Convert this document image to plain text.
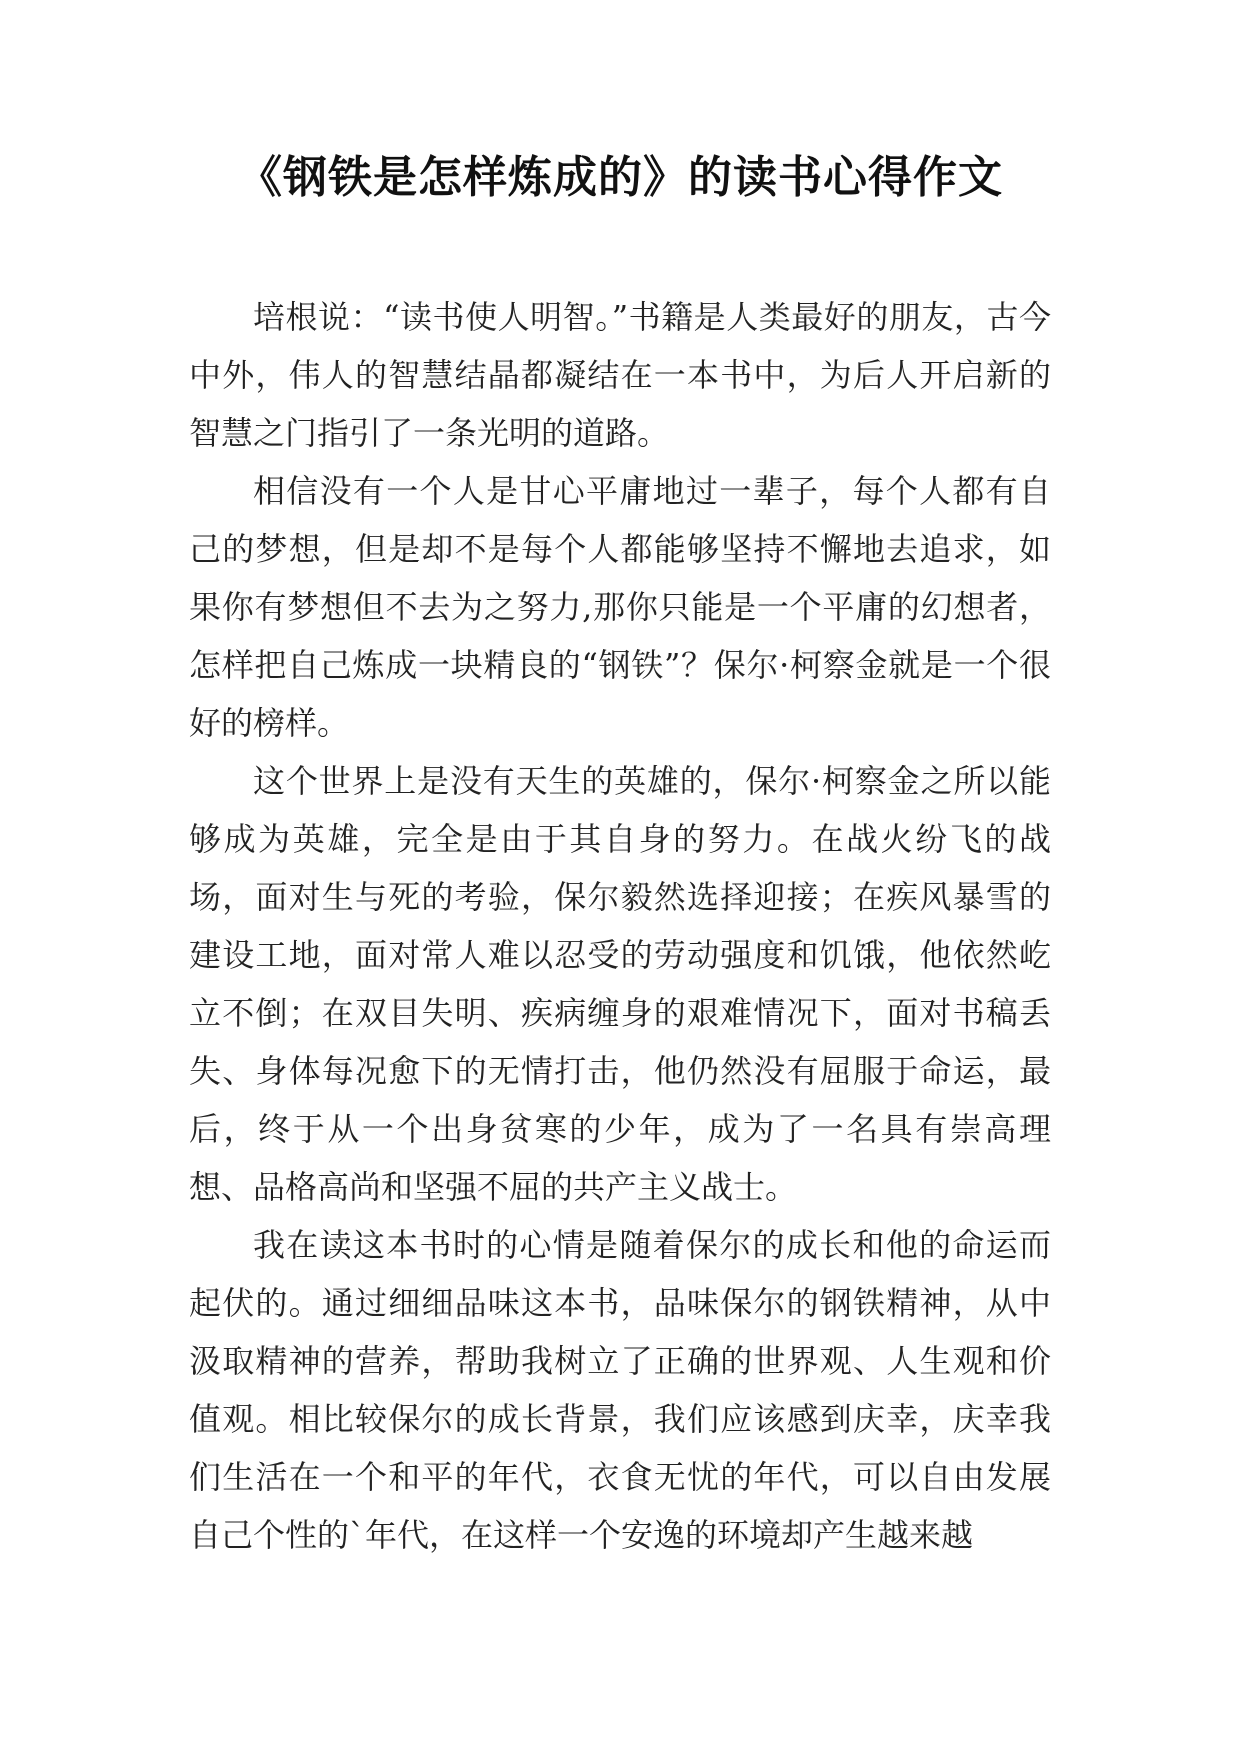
《钢铁是怎样炼成的》的读书心得作文

培根说：“读书使人明智。”书籍是人类最好的朋友，古今中外，伟人的智慧结晶都凝结在一本书中，为后人开启新的智慧之门指引了一条光明的道路。

相信没有一个人是甘心平庸地过一辈子，每个人都有自己的梦想，但是却不是每个人都能够坚持不懈地去追求，如果你有梦想但不去为之努力,那你只能是一个平庸的幻想者，怎样把自己炼成一块精良的“钢铁”？保尔·柯察金就是一个很好的榜样。

这个世界上是没有天生的英雄的，保尔·柯察金之所以能够成为英雄，完全是由于其自身的努力。在战火纷飞的战场，面对生与死的考验，保尔毅然选择迎接；在疾风暴雪的建设工地，面对常人难以忍受的劳动强度和饥饿，他依然屹立不倒；在双目失明、疾病缠身的艰难情况下，面对书稿丢失、身体每况愈下的无情打击，他仍然没有屈服于命运，最后，终于从一个出身贫寒的少年，成为了一名具有崇高理想、品格高尚和坚强不屈的共产主义战士。

我在读这本书时的心情是随着保尔的成长和他的命运而起伏的。通过细细品味这本书，品味保尔的钢铁精神，从中汲取精神的营养，帮助我树立了正确的世界观、人生观和价值观。相比较保尔的成长背景，我们应该感到庆幸，庆幸我们生活在一个和平的年代，衣食无忧的年代，可以自由发展自己个性的`年代，在这样一个安逸的环境却产生越来越
